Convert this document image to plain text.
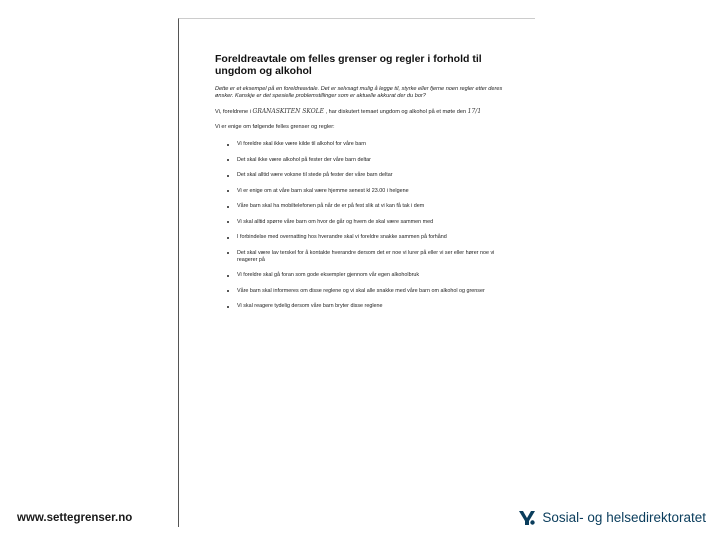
Foreldreavtale om felles grenser og regler i forhold til ungdom og alkohol
Dette er et eksempel på en foreldreavtale. Det er selvsagt mulig å legge til, styrke eller fjerne noen regler etter deres ønsker. Kanskje er det spesielle problemstillinger som er aktuelle akkurat der du bor?
Vi, foreldrene i GRANASKITEN SKOLE , har diskutert temaet ungdom og alkohol på et møte den 17/1
Vi er enige om følgende felles grenser og regler:
Vi foreldre skal ikke være kilde til alkohol for våre barn
Det skal ikke være alkohol på fester der våre barn deltar
Det skal alltid være voksne til stede på fester der våre barn deltar
Vi er enige om at våre barn skal være hjemme senest kl 23.00 i helgene
Våre barn skal ha mobiltelefonen på når de er på fest slik at vi kan få tak i dem
Vi skal alltid spørre våre barn om hvor de går og hvem de skal være sammen med
I forbindelse med overnatting hos hverandre skal vi foreldre snakke sammen på forhånd
Det skal være lav terskel for å kontakte hverandre dersom det er noe vi lurer på eller vi ser eller hører noe vi reagerer på
Vi foreldre skal gå foran som gode eksempler gjennom vår egen alkoholbruk
Våre barn skal informeres om disse reglene og vi skal alle snakke med våre barn om alkohol og grenser
Vi skal reagere tydelig dersom våre barn bryter disse reglene
www.settegrenser.no	Sosial- og helsedirektoratet
